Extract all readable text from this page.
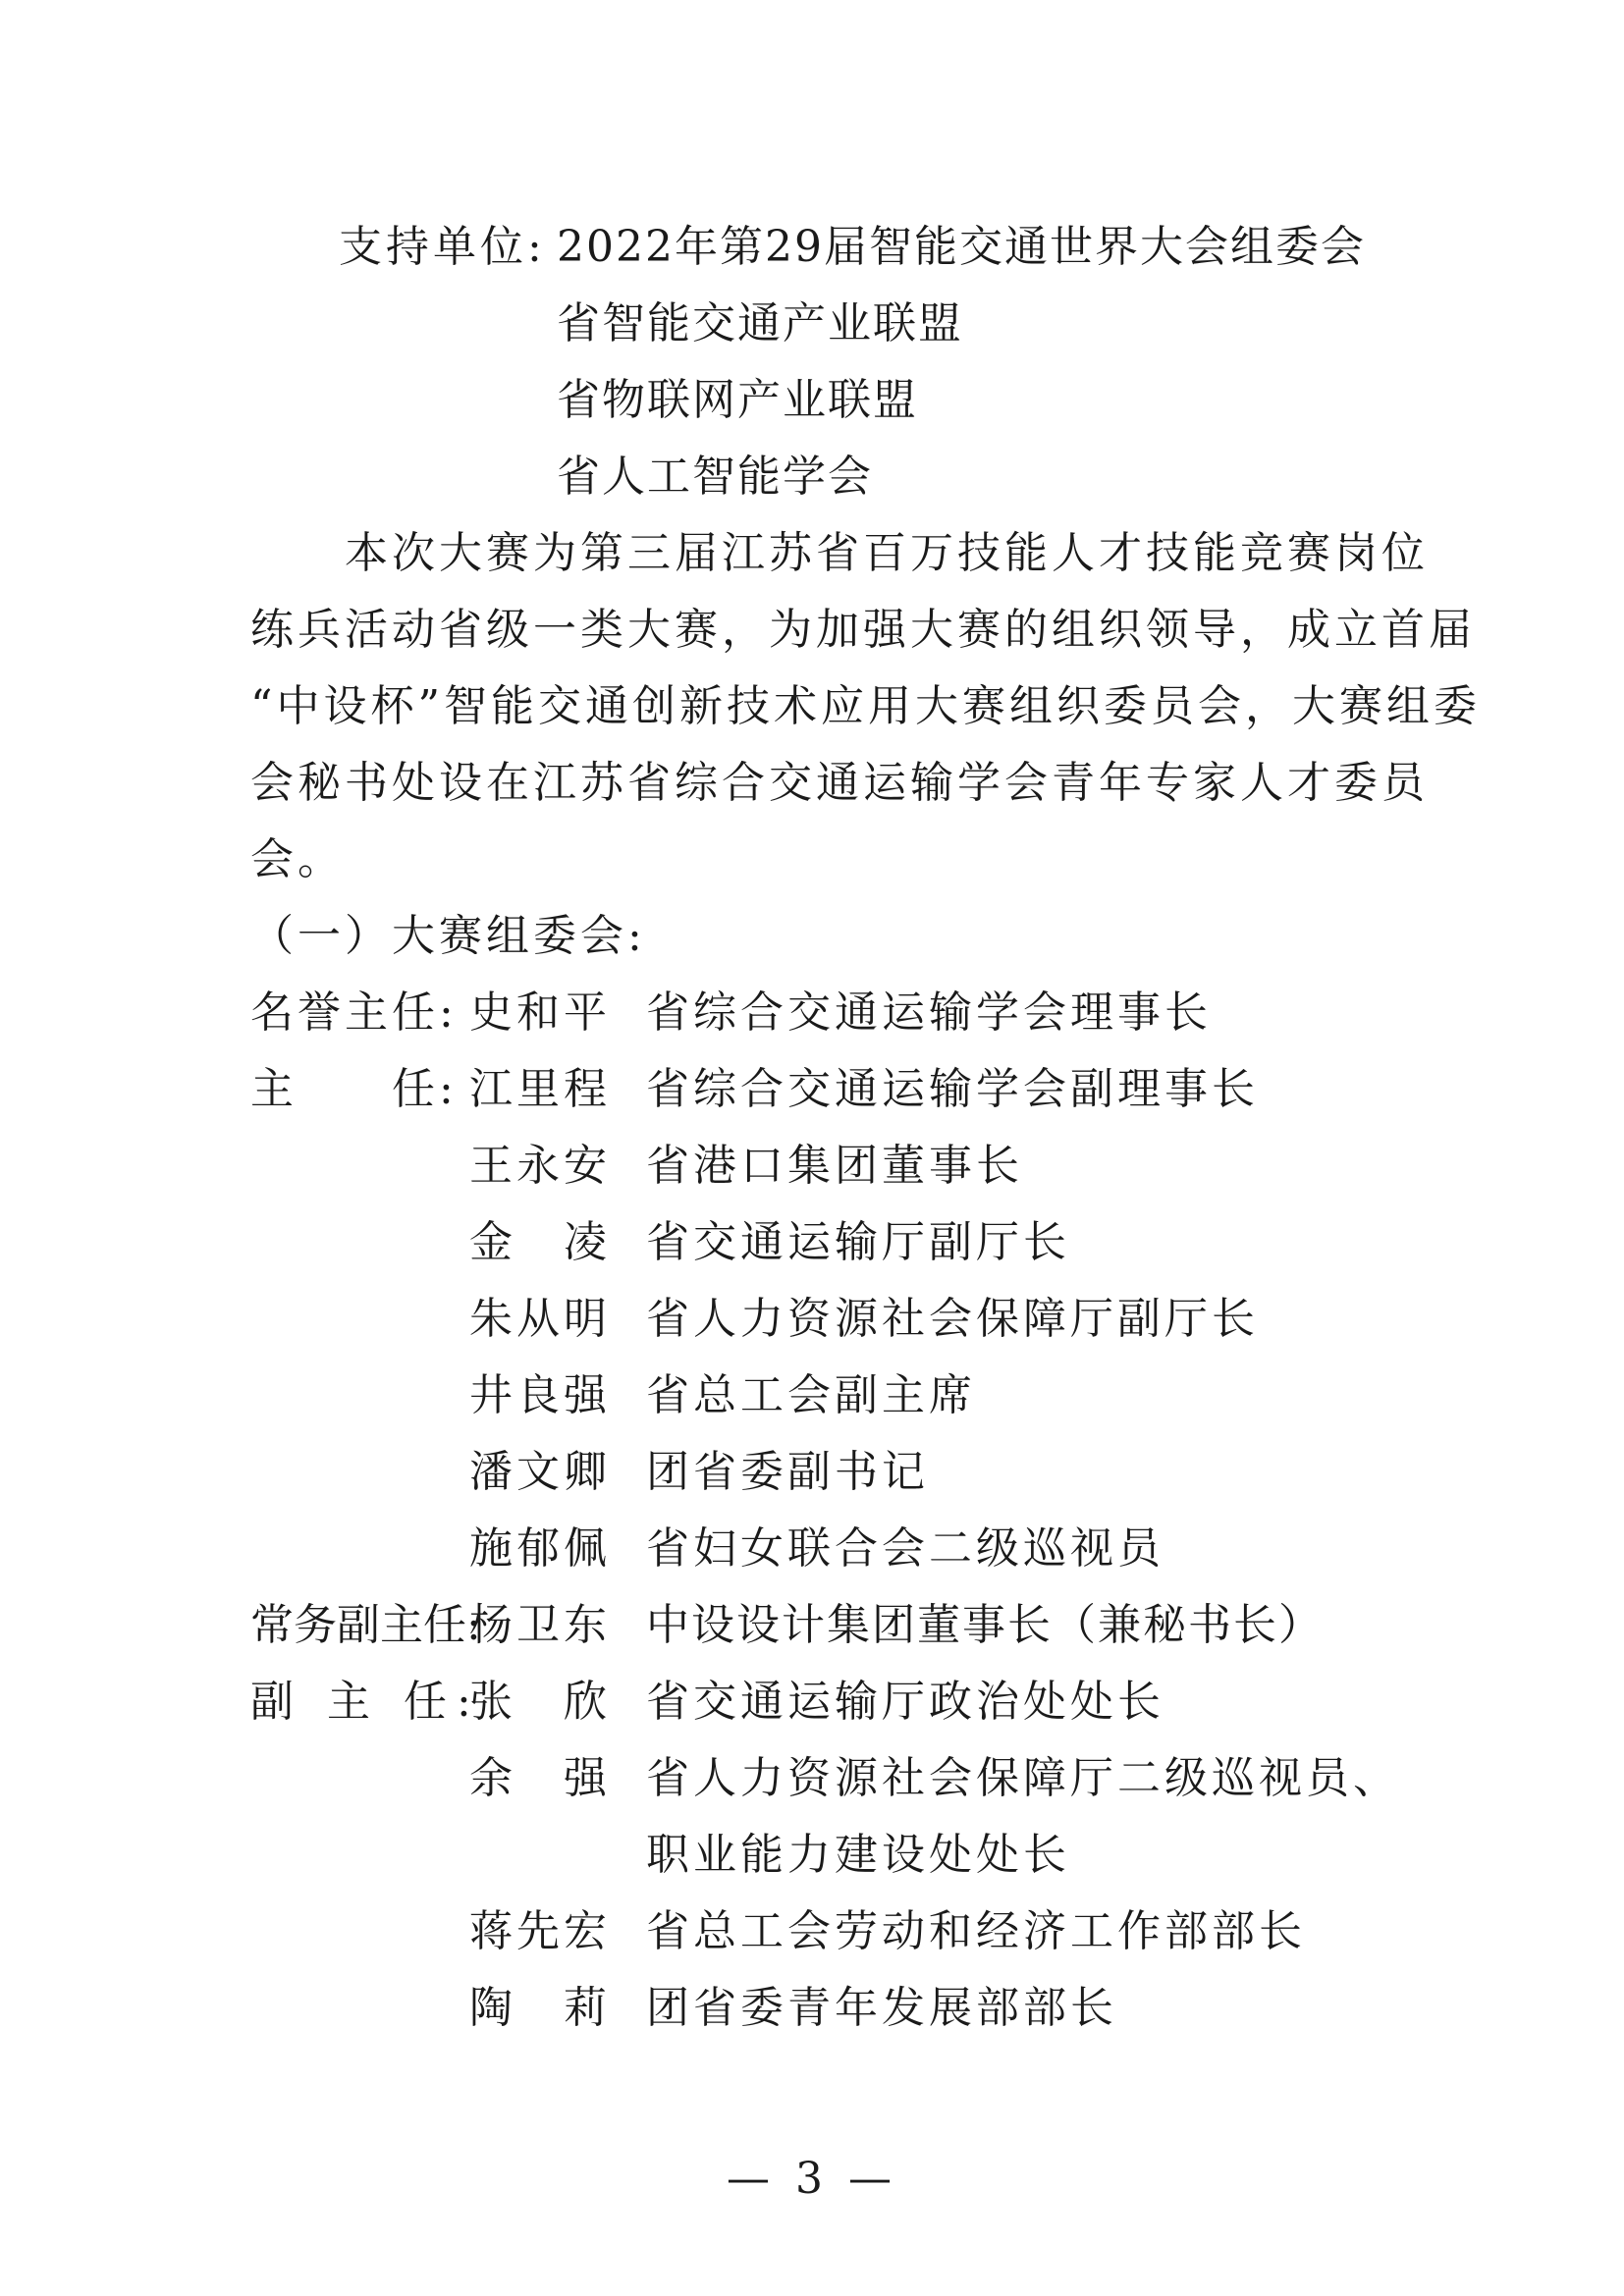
支持单位: 2022年第29届智能交通世界大会组委会
省智能交通产业联盟
省物联网产业联盟
省人工智能学会
　　本次大赛为第三届江苏省百万技能人才技能竞赛岗位
练兵活动省级一类大赛，为加强大赛的组织领导，成立首届
“中设杯”智能交通创新技术应用大赛组织委员会，大赛组委
会秘书处设在江苏省综合交通运输学会青年专家人才委员
会。
（一）大赛组委会:
名誉主任: 史和平 省综合交通运输学会理事长
主　　任: 江里程 省综合交通运输学会副理事长
王永安 省港口集团董事长
金　凌 省交通运输厅副厅长
朱从明 省人力资源社会保障厅副厅长
井良强 省总工会副主席
潘文卿 团省委副书记
施郁佩 省妇女联合会二级巡视员
常务副主任:
杨卫东 中设设计集团董事长（兼秘书长）
副 主 任:
张　欣 省交通运输厅政治处处长
余　强 省人力资源社会保障厅二级巡视员、
职业能力建设处处长
蒋先宏 省总工会劳动和经济工作部部长
陶　莉 团省委青年发展部部长
— 3 —
